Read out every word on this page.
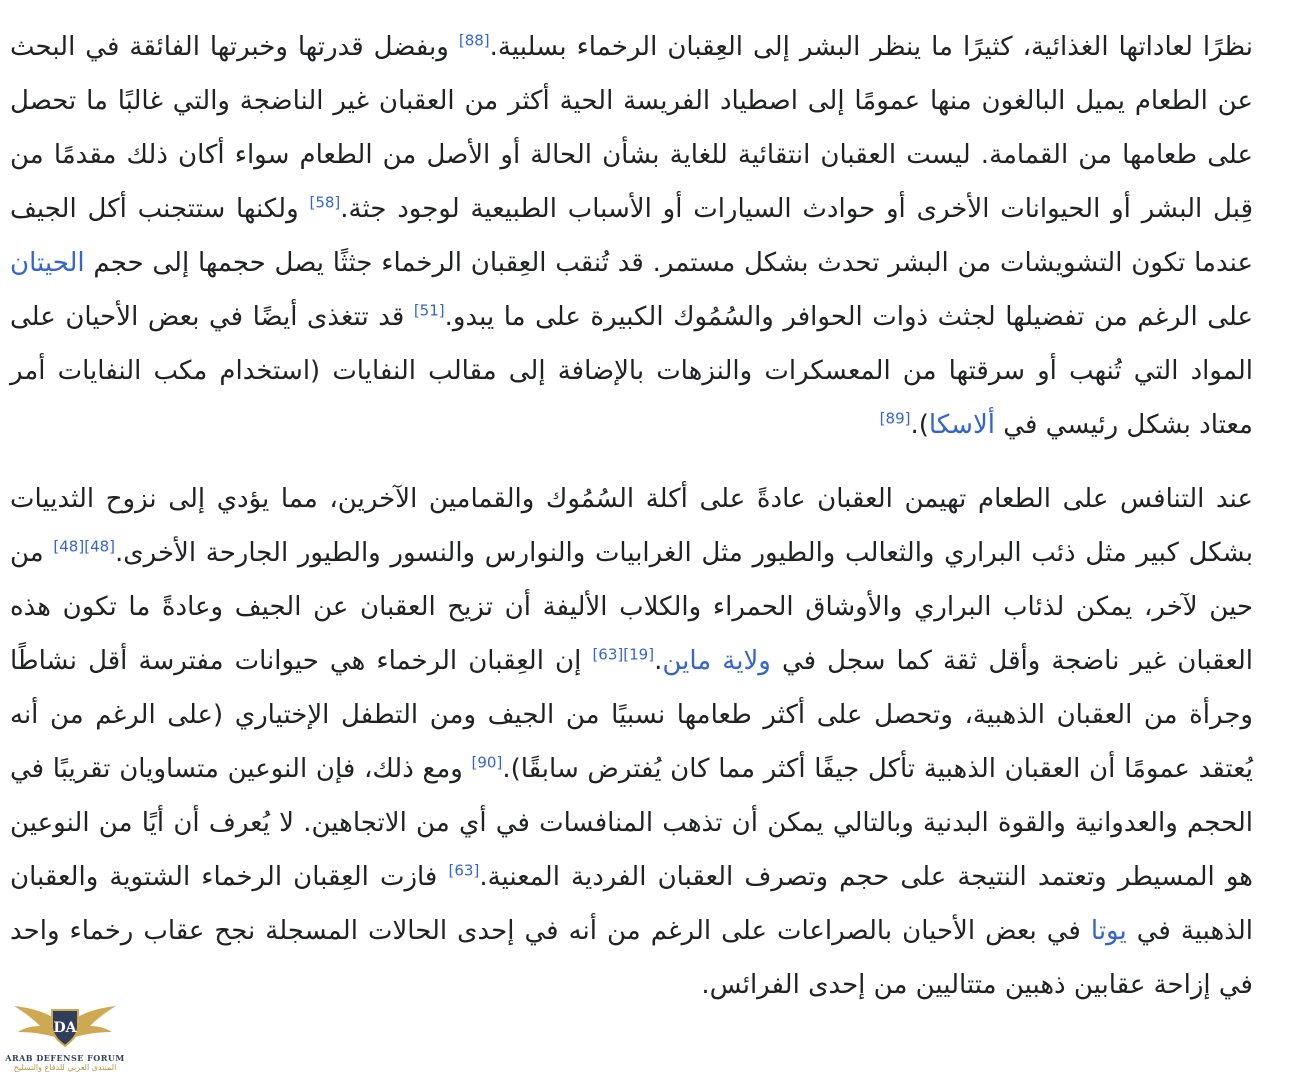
نظرًا لعاداتها الغذائية، كثيرًا ما ينظر البشر إلى العِقبان الرخماء بسلبية.[88] وبفضل قدرتها وخبرتها الفائقة في البحث عن الطعام يميل البالغون منها عمومًا إلى اصطياد الفريسة الحية أكثر من العقبان غير الناضجة والتي غالبًا ما تحصل على طعامها من القمامة. ليست العقبان انتقائية للغاية بشأن الحالة أو الأصل من الطعام سواء أكان ذلك مقدمًا من قِبل البشر أو الحيوانات الأخرى أو حوادث السيارات أو الأسباب الطبيعية لوجود جثة.[58] ولكنها ستتجنب أكل الجيف عندما تكون التشويشات من البشر تحدث بشكل مستمر. قد تُنقب العِقبان الرخماء جثثًا يصل حجمها إلى حجم الحيتان على الرغم من تفضيلها لجثث ذوات الحوافر والسُمُوك الكبيرة على ما يبدو.[51] قد تتغذى أيضًا في بعض الأحيان على المواد التي تُنهب أو سرقتها من المعسكرات والنزهات بالإضافة إلى مقالب النفايات (استخدام مكب النفايات أمر معتاد بشكل رئيسي في ألاسكا).[89]

عند التنافس على الطعام تهيمن العقبان عادةً على أكلة السُمُوك والقمامين الآخرين، مما يؤدي إلى نزوح الثدييات بشكل كبير مثل ذئب البراري والثعالب والطيور مثل الغرابيات والنوارس والنسور والطيور الجارحة الأخرى.[48][48] من حين لآخر، يمكن لذئاب البراري والأوشاق الحمراء والكلاب الأليفة أن تزيح العقبان عن الجيف وعادةً ما تكون هذه العقبان غير ناضجة وأقل ثقة كما سجل في ولاية ماين.[19][63] إن العِقبان الرخماء هي حيوانات مفترسة أقل نشاطًا وجرأة من العقبان الذهبية، وتحصل على أكثر طعامها نسبيًا من الجيف ومن التطفل الإختياري (على الرغم من أنه يُعتقد عمومًا أن العقبان الذهبية تأكل جيفًا أكثر مما كان يُفترض سابقًا).[90] ومع ذلك، فإن النوعين متساويان تقريبًا في الحجم والعدوانية والقوة البدنية وبالتالي يمكن أن تذهب المنافسات في أي من الاتجاهين. لا يُعرف أن أيًا من النوعين هو المسيطر وتعتمد النتيجة على حجم وتصرف العقبان الفردية المعنية.[63] فازت العِقبان الرخماء الشتوية والعقبان الذهبية في يوتا في بعض الأحيان بالصراعات على الرغم من أنه في إحدى الحالات المسجلة نجح عقاب رخماء واحد في إزاحة عقابين ذهبين متتاليين من إحدى الفرائس.

DA
ARAB DEFENSE FORUM
المنتدى العربي للدفاع والتسليح
